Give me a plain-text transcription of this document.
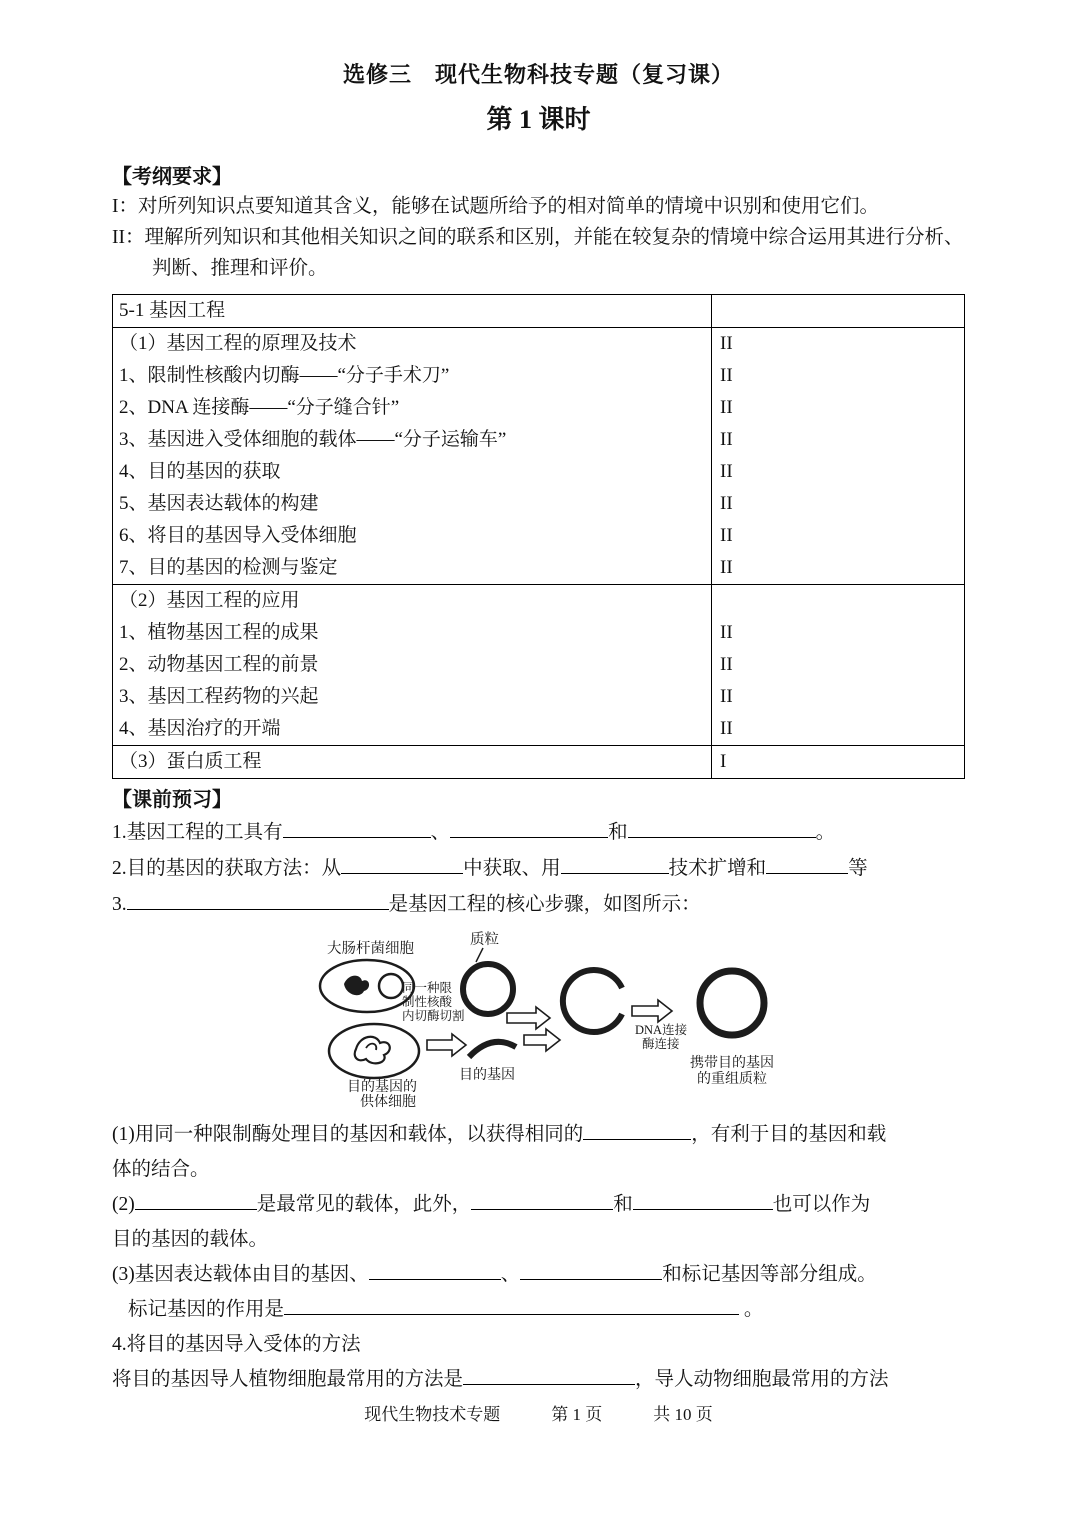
选修三　现代生物科技专题（复习课）
第 1 课时
【考纲要求】
I：对所列知识点要知道其含义，能够在试题所给予的相对简单的情境中识别和使用它们。
II：理解所列知识和其他相关知识之间的联系和区别，并能在较复杂的情境中综合运用其进行分析、判断、推理和评价。
5-1 基因工程
（1）基因工程的原理及技术	II
1、限制性核酸内切酶——“分子手术刀”	II
2、DNA 连接酶——“分子缝合针”	II
3、基因进入受体细胞的载体——“分子运输车”	II
4、目的基因的获取	II
5、基因表达载体的构建	II
6、将目的基因导入受体细胞	II
7、目的基因的检测与鉴定	II
（2）基因工程的应用
1、植物基因工程的成果	II
2、动物基因工程的前景	II
3、基因工程药物的兴起	II
4、基因治疗的开端	II
（3）蛋白质工程	I
【课前预习】
1.基因工程的工具有	、	和	。
2.目的基因的获取方法：从	中获取、用	技术扩增和	等
3.	是基因工程的核心步骤，如图所示：
大肠杆菌细胞
质粒
同一种限
制性核酸
内切酶切割
目的基因的
供体细胞
目的基因
DNA连接
酶连接
携带目的基因
的重组质粒
(1)用同一种限制酶处理目的基因和载体，以获得相同的	，有利于目的基因和载
体的结合。
(2)	是最常见的载体，此外，	和	也可以作为
目的基因的载体。
(3)基因表达载体由目的基因、	、	和标记基因等部分组成。
标记基因的作用是	。
4.将目的基因导入受体的方法
将目的基因导人植物细胞最常用的方法是	，导人动物细胞最常用的方法
现代生物技术专题　　　第 1 页　　　共 10 页
